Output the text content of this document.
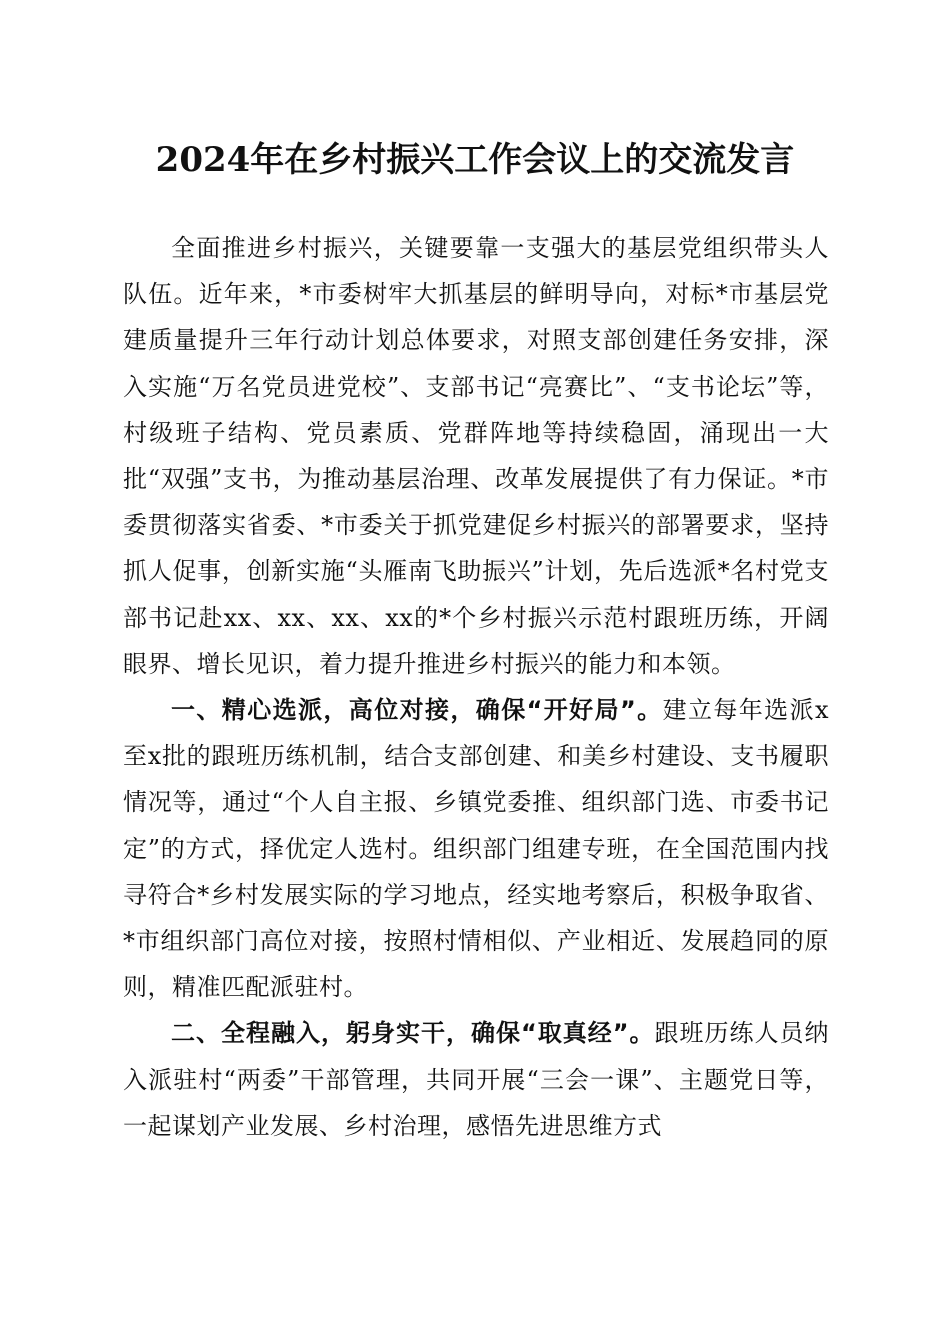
2024年在乡村振兴工作会议上的交流发言

全面推进乡村振兴，关键要靠一支强大的基层党组织带头人队伍。近年来，*市委树牢大抓基层的鲜明导向，对标*市基层党建质量提升三年行动计划总体要求，对照支部创建任务安排，深入实施“万名党员进党校”、支部书记“亮赛比”、“支书论坛”等，村级班子结构、党员素质、党群阵地等持续稳固，涌现出一大批“双强”支书，为推动基层治理、改革发展提供了有力保证。*市委贯彻落实省委、*市委关于抓党建促乡村振兴的部署要求，坚持抓人促事，创新实施“头雁南飞助振兴”计划，先后选派*名村党支部书记赴xx、xx、xx、xx的*个乡村振兴示范村跟班历练，开阔眼界、增长见识，着力提升推进乡村振兴的能力和本领。

一、精心选派，高位对接，确保“开好局”。建立每年选派x至x批的跟班历练机制，结合支部创建、和美乡村建设、支书履职情况等，通过“个人自主报、乡镇党委推、组织部门选、市委书记定”的方式，择优定人选村。组织部门组建专班，在全国范围内找寻符合*乡村发展实际的学习地点，经实地考察后，积极争取省、*市组织部门高位对接，按照村情相似、产业相近、发展趋同的原则，精准匹配派驻村。

二、全程融入，躬身实干，确保“取真经”。跟班历练人员纳入派驻村“两委”干部管理，共同开展“三会一课”、主题党日等，一起谋划产业发展、乡村治理，感悟先进思维方式
